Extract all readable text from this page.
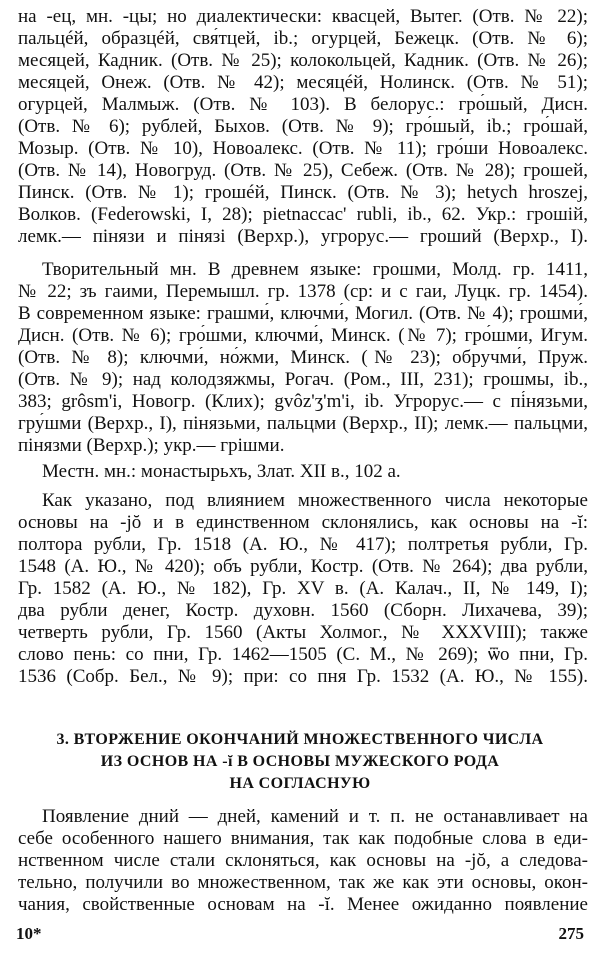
на -ец, мн. -цы; но диалектически: квасцей, Вытег. (Отв. № 22);
пальцéй, образцéй, свя́тцей, ib.; огурцей, Бежецк. (Отв. № 6);
месяцей, Кадник. (Отв. № 25); колокольцей, Кадник. (Отв. № 26);
месяцей, Онеж. (Отв. № 42); месяцéй, Нолинск. (Отв. № 51);
огурцей, Малмыж. (Отв. № 103). В белорус.: гро́шый, Дисн.
(Отв. № 6); рублей, Быхов. (Отв. № 9); гро́шый, ib.; гро́шай,
Мозыр. (Отв. № 10), Новоалекс. (Отв. № 11); гро́ши Новоалекс.
(Отв. № 14), Новогруд. (Отв. № 25), Себеж. (Отв. № 28); грошей,
Пинск. (Отв. № 1); грошéй, Пинск. (Отв. № 3); hetych hroszej,
Волков. (Federowski, I, 28); pietnaccac' rubli, ib., 62. Укр.: грошій,
лемк.— пінязи и пінязі (Верхр.), угрорус.— гроший (Верхр., I).
Творительный мн. В древнем языке: грошми, Молд. гр. 1411,
№ 22; зъ гаими, Перемышл. гр. 1378 (ср: и с гаи, Луцк. гр. 1454).
В современном языке: грашми́, ключми́, Могил. (Отв. № 4); грошми́,
Дисн. (Отв. № 6); гро́шми, ключми́, Минск. (№ 7); гро́шми, Игум.
(Отв. № 8); ключми́, но́жми, Минск. (№ 23); обручми́, Пруж.
(Отв. № 9); над колодзяжмы, Рогач. (Ром., III, 231); грошмы, ib.,
383; grôsm'i, Новогр. (Клих); gvôz'ʒ'm'i, ib. Угрорус.— с пі́нязьми,
гру́шми (Верхр., I), пінязьми, пальцми (Верхр., II); лемк.— пальцми,
пінязми (Верхр.); укр.— грішми.
Местн. мн.: монастырьхъ, Злат. XII в., 102 а.
Как указано, под влиянием множественного числа некоторые
основы на -jŏ и в единственном склонялись, как основы на -ĭ:
полтора рубли, Гр. 1518 (А. Ю., № 417); полтретья рубли, Гр.
1548 (А. Ю., № 420); объ рубли, Костр. (Отв. № 264); два рубли,
Гр. 1582 (А. Ю., № 182), Гр. XV в. (А. Калач., II, № 149, I);
два рубли денег, Костр. духовн. 1560 (Сборн. Лихачева, 39);
четверть рубли, Гр. 1560 (Акты Холмог., № XXXVIII); также
слово пень: со пни, Гр. 1462—1505 (С. М., № 269); ѿо пни, Гр.
1536 (Собр. Бел., № 9); при: со пня Гр. 1532 (А. Ю., № 155).
3. ВТОРЖЕНИЕ ОКОНЧАНИЙ МНОЖЕСТВЕННОГО ЧИСЛА
ИЗ ОСНОВ НА -ĭ В ОСНОВЫ МУЖЕСКОГО РОДА
НА СОГЛАСНУЮ
Появление дний — дней, камений и т. п. не останавливает на
себе особенного нашего внимания, так как подобные слова в еди-
нственном числе стали склоняться, как основы на -jŏ, а следова-
тельно, получили во множественном, так же как эти основы, окон-
чания, свойственные основам на -ĭ. Менее ожиданно появление
10*	275
